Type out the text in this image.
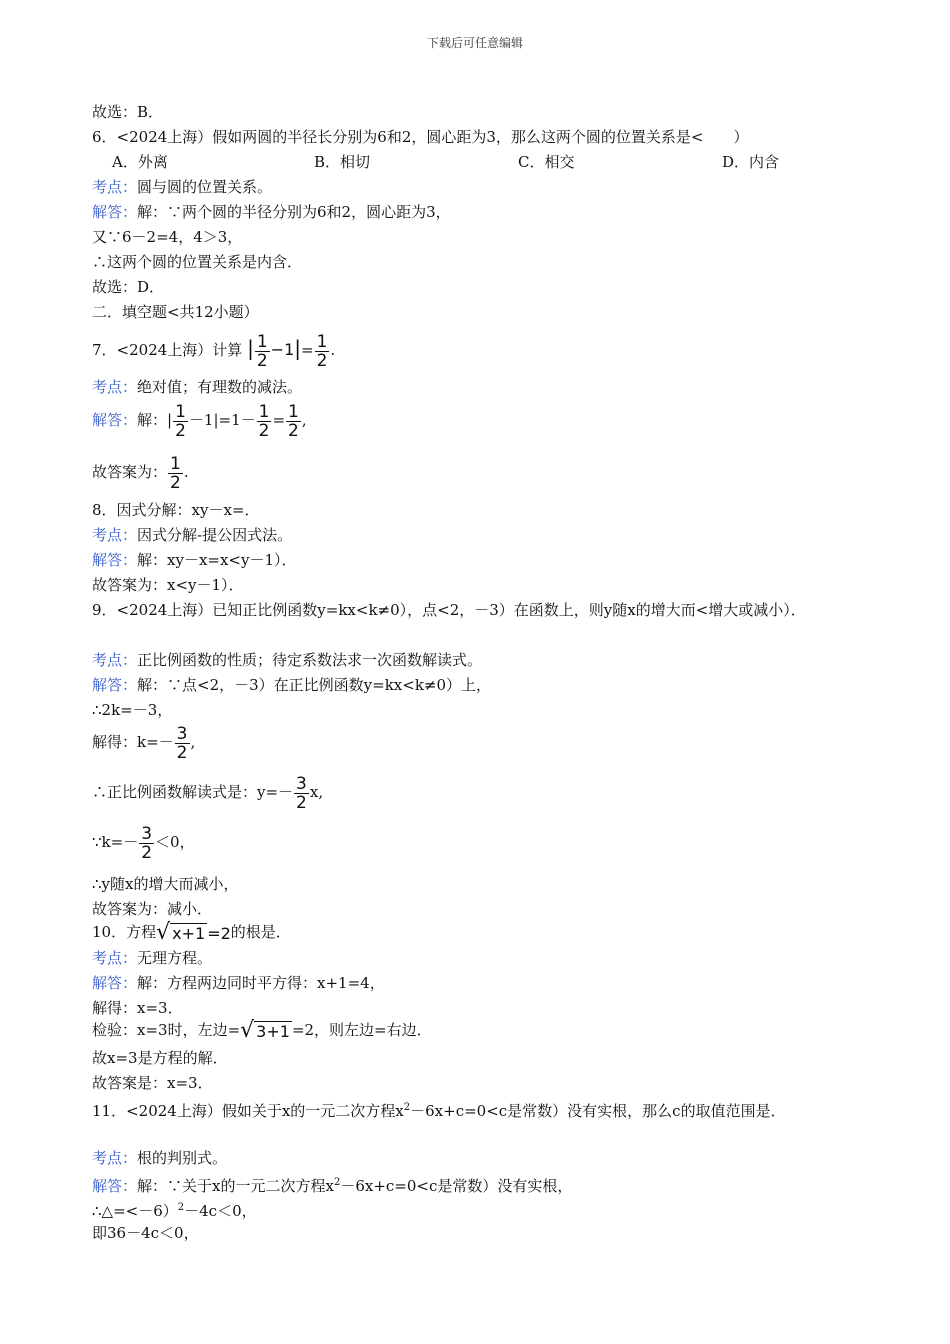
下载后可任意编辑
故选：B．
6．<2024上海）假如两圆的半径长分别为6和2，圆心距为3，那么这两个圆的位置关系是<　　）
A．外离	B．相切	C．相交	D．内含
考点：圆与圆的位置关系。
解答：解：∵两个圆的半径分别为6和2，圆心距为3，
又∵6－2=4，4＞3，
∴这两个圆的位置关系是内含．
故选：D．
二．填空题<共12小题）
7．<2024上海）计算 | $\frac{1}{2} -1|= \frac{1}{2}$ .
考点：绝对值；有理数的减法。
解答：解：| $\frac{1}{2} -1|=1- \frac{1}{2} = \frac{1}{2}$ ,
故答案为： $\frac{1}{2}$ .
8．因式分解：xy－x=．
考点：因式分解-提公因式法。
解答：解：xy－x=x<y－1）．
故答案为：x<y－1）．
9．<2024上海）已知正比例函数y=kx<k≠0），点<2，－3）在函数上，则y随x的增大而<增大或减小）．
考点：正比例函数的性质；待定系数法求一次函数解读式。
解答：解：∵点<2，－3）在正比例函数y=kx<k≠0）上，
∴2k=－3，
解得：$k=- \frac{3}{2}$ ,
∴正比例函数解读式是：$y=- \frac{3}{2} x$,
∵k=－ $\frac{3}{2} <0$，
∴y随x的增大而减小，
故答案为：减小．
10．方程√ x+1 =2的根是．
考点：无理方程。
解答：解：方程两边同时平方得：x+1=4，
解得：x=3．
检验：x=3时，左边=√ 3+1 =2，则左边=右边．
故x=3是方程的解．
故答案是：x=3．
11．<2024上海）假如关于x的一元二次方程$x^2-6x+c=0<c$是常数）没有实根，那么c的取值范围是．
考点：根的判别式。
解答：解：∵关于x的一元二次方程$x^2-6x+c=0<c$是常数）没有实根，
∴△=<－6）$^2$－4c＜0，
即36－4c＜0，
